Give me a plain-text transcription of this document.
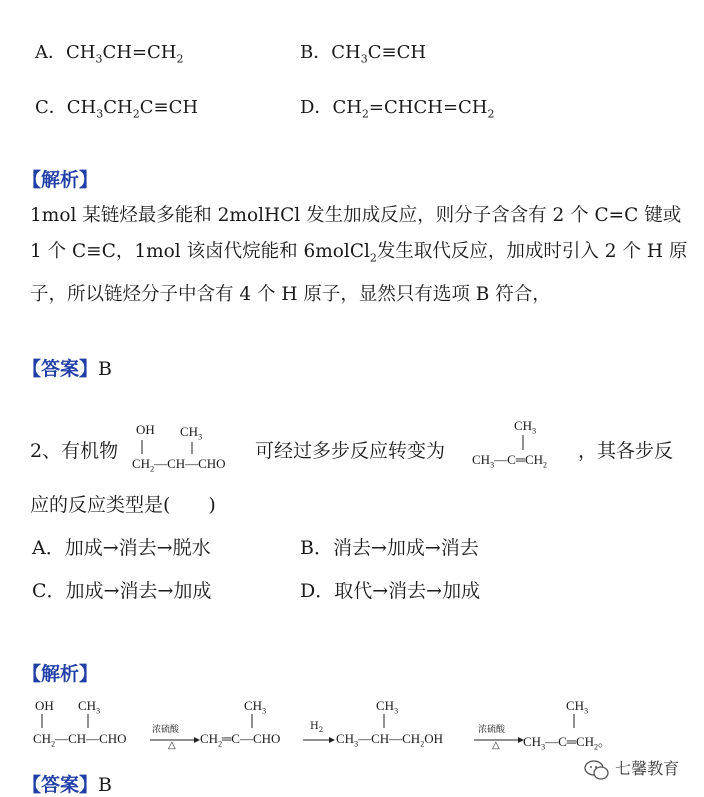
A．$CH_3CH=CH_2$	B．$CH_3C\equiv CH$
C．$CH_3CH_2C\equiv CH$	D．$CH_2=CHCH=CH_2$
【解析】
1mol 某链烃最多能和 2molHCl 发生加成反应，则分子含含有 2 个 C=C 键或 1 个 C≡C，1mol 该卤代烷能和 6molCl$_2$发生取代反应，加成时引入 2 个 H 原子，所以链烃分子中含有 4 个 H 原子，显然只有选项 B 符合，
【答案】B
2、有机物
OH $CH_3$
$CH_2—CH—CHO$
可经过多步反应转变为
$CH_3$
$CH_3—C═CH_2$
，其各步反
应的反应类型是(　　)
A．加成→消去→脱水	B．消去→加成→消去
C．加成→消去→加成	D．取代→消去→加成
【解析】
OH $CH_3$
$CH_2—CH—CHO$
浓硫酸
△
$CH_3$
$CH_2═C—CHO$
$H_2$
$CH_3$
$CH_3—CH—CH_2OH$
浓硫酸
△
$CH_3$
$CH_3—C═CH_2$。
【答案】B
七馨教育
